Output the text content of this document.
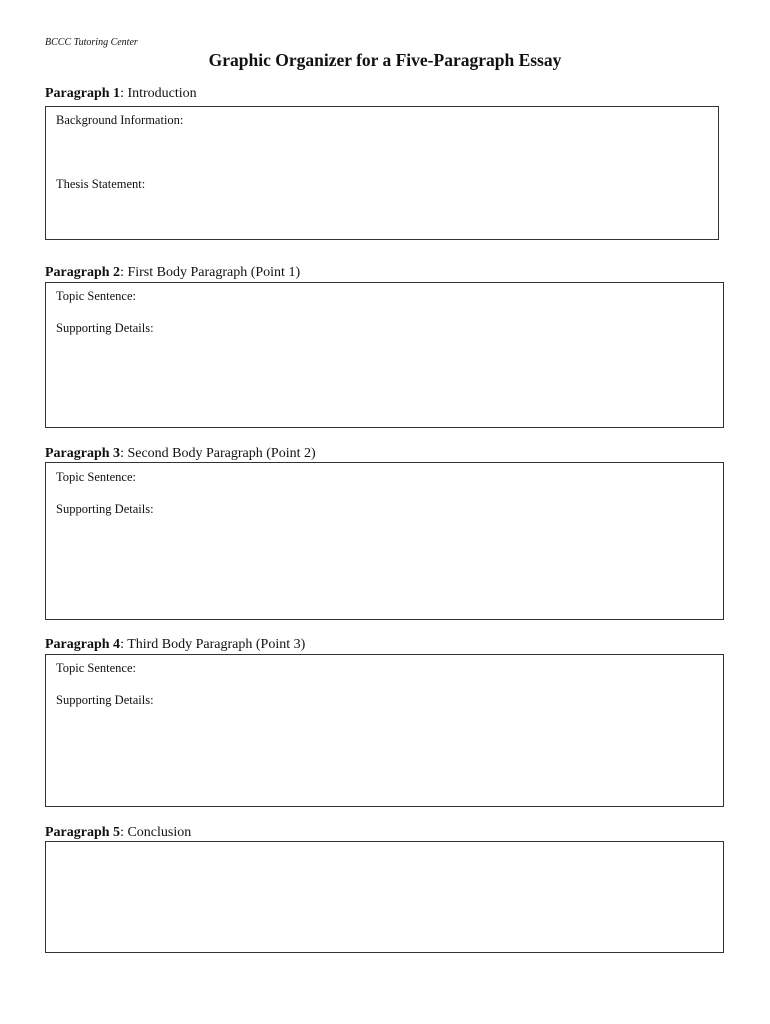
BCCC Tutoring Center
Graphic Organizer for a Five-Paragraph Essay
Paragraph 1: Introduction
Background Information:
Thesis Statement:
Paragraph 2: First Body Paragraph (Point 1)
Topic Sentence:
Supporting Details:
Paragraph 3: Second Body Paragraph (Point 2)
Topic Sentence:
Supporting Details:
Paragraph 4: Third Body Paragraph (Point 3)
Topic Sentence:
Supporting Details:
Paragraph 5: Conclusion
